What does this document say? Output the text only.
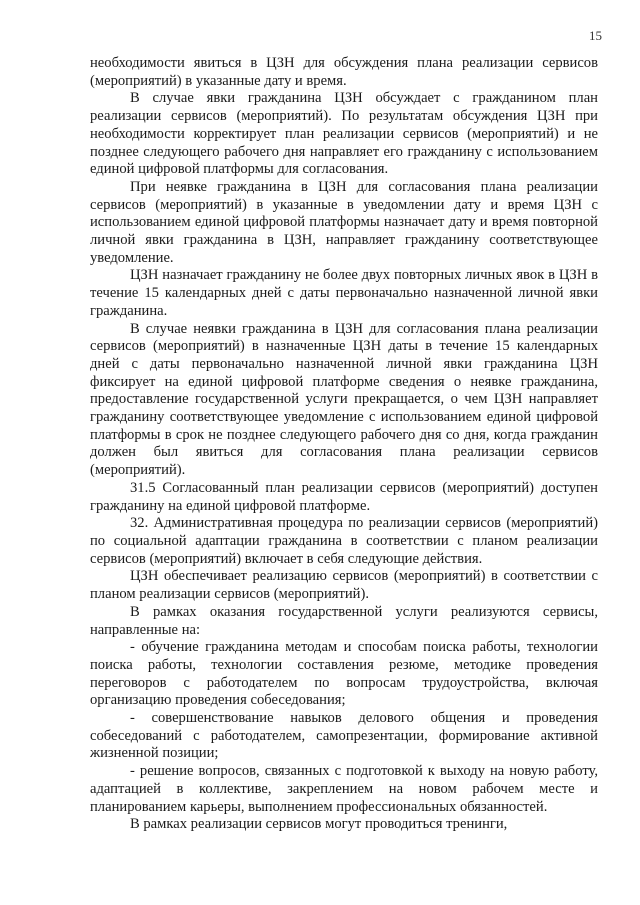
15

необходимости явиться в ЦЗН для обсуждения плана реализации сервисов (мероприятий) в указанные дату и время.

В случае явки гражданина ЦЗН обсуждает с гражданином план реализации сервисов (мероприятий). По результатам обсуждения ЦЗН при необходимости корректирует план реализации сервисов (мероприятий) и не позднее следующего рабочего дня направляет его гражданину с использованием единой цифровой платформы для согласования.

При неявке гражданина в ЦЗН для согласования плана реализации сервисов (мероприятий) в указанные в уведомлении дату и время ЦЗН с использованием единой цифровой платформы назначает дату и время повторной личной явки гражданина в ЦЗН, направляет гражданину соответствующее уведомление.

ЦЗН назначает гражданину не более двух повторных личных явок в ЦЗН в течение 15 календарных дней с даты первоначально назначенной личной явки гражданина.

В случае неявки гражданина в ЦЗН для согласования плана реализации сервисов (мероприятий) в назначенные ЦЗН даты в течение 15 календарных дней с даты первоначально назначенной личной явки гражданина ЦЗН фиксирует на единой цифровой платформе сведения о неявке гражданина, предоставление государственной услуги прекращается, о чем ЦЗН направляет гражданину соответствующее уведомление с использованием единой цифровой платформы в срок не позднее следующего рабочего дня со дня, когда гражданин должен был явиться для согласования плана реализации сервисов (мероприятий).

31.5 Согласованный план реализации сервисов (мероприятий) доступен гражданину на единой цифровой платформе.

32. Административная процедура по реализации сервисов (мероприятий) по социальной адаптации гражданина в соответствии с планом реализации сервисов (мероприятий) включает в себя следующие действия.

ЦЗН обеспечивает реализацию сервисов (мероприятий) в соответствии с планом реализации сервисов (мероприятий).

В рамках оказания государственной услуги реализуются сервисы, направленные на:

- обучение гражданина методам и способам поиска работы, технологии поиска работы, технологии составления резюме, методике проведения переговоров с работодателем по вопросам трудоустройства, включая организацию проведения собеседования;

- совершенствование навыков делового общения и проведения собеседований с работодателем, самопрезентации, формирование активной жизненной позиции;

- решение вопросов, связанных с подготовкой к выходу на новую работу, адаптацией в коллективе, закреплением на новом рабочем месте и планированием карьеры, выполнением профессиональных обязанностей.

В рамках реализации сервисов могут проводиться тренинги,
